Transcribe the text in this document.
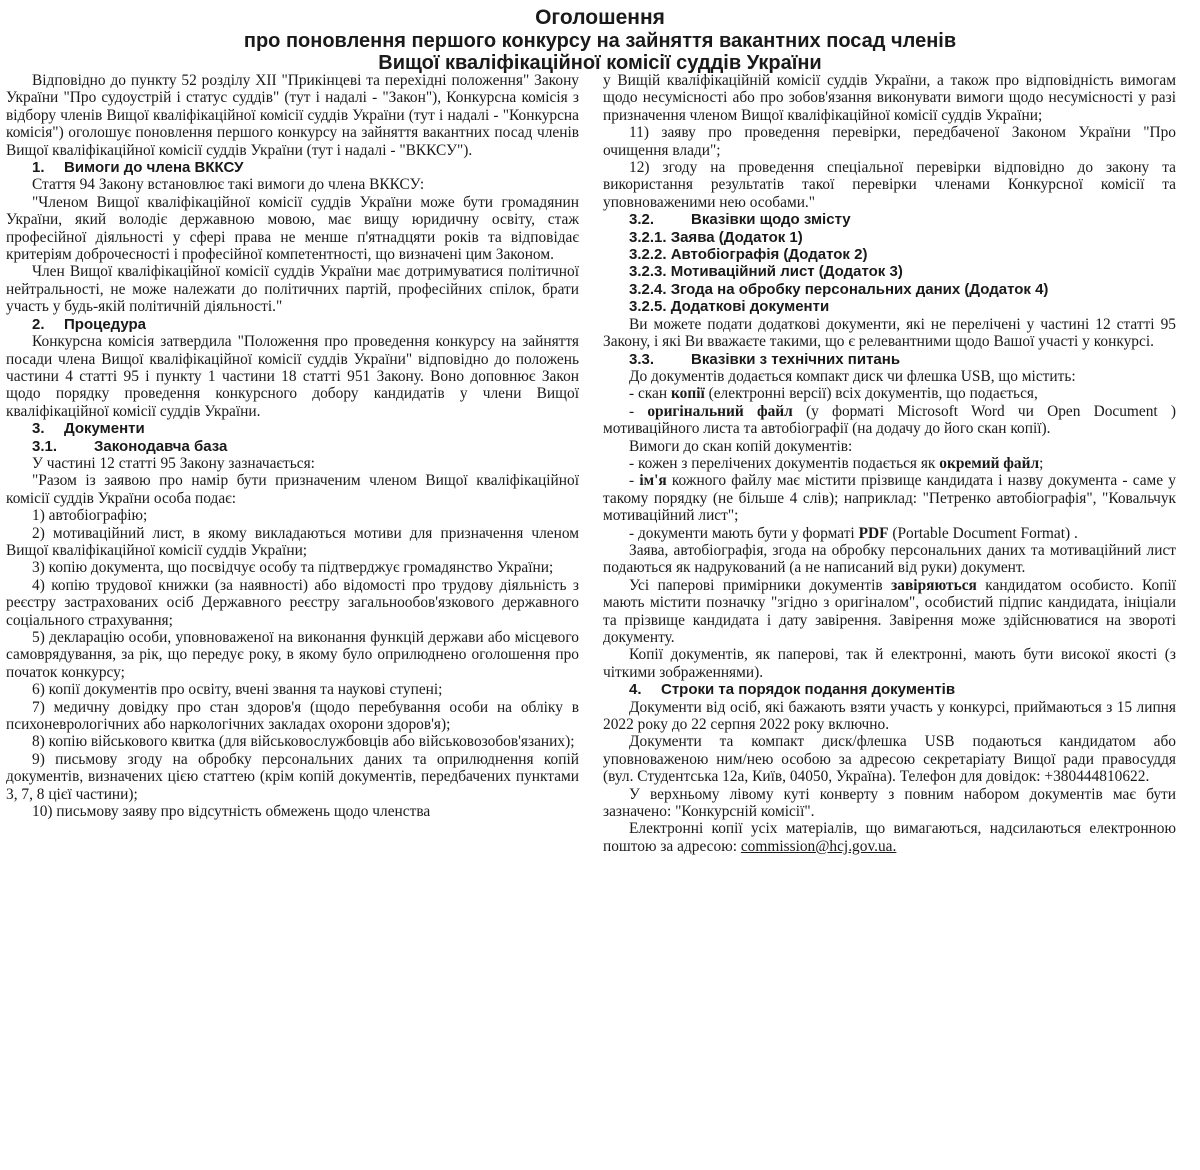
Оголошення
про поновлення першого конкурсу на зайняття вакантних посад членів
Вищої кваліфікаційної комісії суддів України

Відповідно до пункту 52 розділу XII "Прикінцеві та перехідні положення" Закону України "Про судоустрій і статус суддів" (тут і надалі - "Закон"), Конкурсна комісія з відбору членів Вищої кваліфікаційної комісії суддів України (тут і надалі - "Конкурсна комісія") оголошує поновлення першого конкурсу на зайняття вакантних посад членів Вищої кваліфікаційної комісії суддів України (тут і надалі - "ВККСУ").

1. Вимоги до члена ВККСУ

Стаття 94 Закону встановлює такі вимоги до члена ВККСУ:

"Членом Вищої кваліфікаційної комісії суддів України може бути громадянин України, який володіє державною мовою, має вищу юридичну освіту, стаж професійної діяльності у сфері права не менше п'ятнадцяти років та відповідає критеріям доброчесності і професійної компетентності, що визначені цим Законом.

Член Вищої кваліфікаційної комісії суддів України має дотримуватися політичної нейтральності, не може належати до політичних партій, професійних спілок, брати участь у будь-якій політичній діяльності."

2. Процедура

Конкурсна комісія затвердила "Положення про проведення конкурсу на зайняття посади члена Вищої кваліфікаційної комісії суддів України" відповідно до положень частини 4 статті 95 і пункту 1 частини 18 статті 951 Закону. Воно доповнює Закон щодо порядку проведення конкурсного добору кандидатів у члени Вищої кваліфікаційної комісії суддів України.

3. Документи

3.1. Законодавча база

У частині 12 статті 95 Закону зазначається:

"Разом із заявою про намір бути призначеним членом Вищої кваліфікаційної комісії суддів України особа подає:

1) автобіографію;

2) мотиваційний лист, в якому викладаються мотиви для призначення членом Вищої кваліфікаційної комісії суддів України;

3) копію документа, що посвідчує особу та підтверджує громадянство України;

4) копію трудової книжки (за наявності) або відомості про трудову діяльність з реєстру застрахованих осіб Державного реєстру загальнообов'язкового державного соціального страхування;

5) декларацію особи, уповноваженої на виконання функцій держави або місцевого самоврядування, за рік, що передує року, в якому було оприлюднено оголошення про початок конкурсу;

6) копії документів про освіту, вчені звання та наукові ступені;

7) медичну довідку про стан здоров'я (щодо перебування особи на обліку в психоневрологічних або наркологічних закладах охорони здоров'я);

8) копію військового квитка (для військовослужбовців або військовозобов'язаних);

9) письмову згоду на обробку персональних даних та оприлюднення копій документів, визначених цією статтею (крім копій документів, передбачених пунктами 3, 7, 8 цієї частини);

10) письмову заяву про відсутність обмежень щодо членства

у Вищій кваліфікаційній комісії суддів України, а також про відповідність вимогам щодо несумісності або про зобов'язання виконувати вимоги щодо несумісності у разі призначення членом Вищої кваліфікаційної комісії суддів України;

11) заяву про проведення перевірки, передбаченої Законом України "Про очищення влади";

12) згоду на проведення спеціальної перевірки відповідно до закону та використання результатів такої перевірки членами Конкурсної комісії та уповноваженими нею особами."

3.2. Вказівки щодо змісту

3.2.1. Заява (Додаток 1)

3.2.2. Автобіографія (Додаток 2)

3.2.3. Мотиваційний лист (Додаток 3)

3.2.4. Згода на обробку персональних даних (Додаток 4)

3.2.5. Додаткові документи

Ви можете подати додаткові документи, які не перелічені у частині 12 статті 95 Закону, і які Ви вважаєте такими, що є релевантними щодо Вашої участі у конкурсі.

3.3. Вказівки з технічних питань

До документів додається компакт диск чи флешка USB, що містить:

- скан копії (електронні версії) всіх документів, що подається,

- оригінальний файл (у форматі Microsoft Word чи Open Document ) мотиваційного листа та автобіографії (на додачу до його скан копії).

Вимоги до скан копій документів:

- кожен з перелічених документів подається як окремий файл;

- ім'я кожного файлу має містити прізвище кандидата і назву документа - саме у такому порядку (не більше 4 слів); наприклад: "Петренко автобіографія", "Ковальчук мотиваційний лист";

- документи мають бути у форматі PDF (Portable Document Format) .

Заява, автобіографія, згода на обробку персональних даних та мотиваційний лист подаються як надрукований (а не написаний від руки) документ.

Усі паперові примірники документів завіряються кандидатом особисто. Копії мають містити позначку "згідно з оригіналом", особистий підпис кандидата, ініціали та прізвище кандидата і дату завірення. Завірення може здійснюватися на звороті документу.

Копії документів, як паперові, так й електронні, мають бути високої якості (з чіткими зображеннями).

4. Строки та порядок подання документів

Документи від осіб, які бажають взяти участь у конкурсі, приймаються з 15 липня 2022 року до 22 серпня 2022 року включно.

Документи та компакт диск/флешка USB подаються кандидатом або уповноваженою ним/нею особою за адресою секретаріату Вищої ради правосуддя (вул. Студентська 12а, Київ, 04050, Україна). Телефон для довідок: +380444810622.

У верхньому лівому куті конверту з повним набором документів має бути зазначено: "Конкурсній комісії".

Електронні копії усіх матеріалів, що вимагаються, надсилаються електронною поштою за адресою: commission@hcj.gov.ua.
